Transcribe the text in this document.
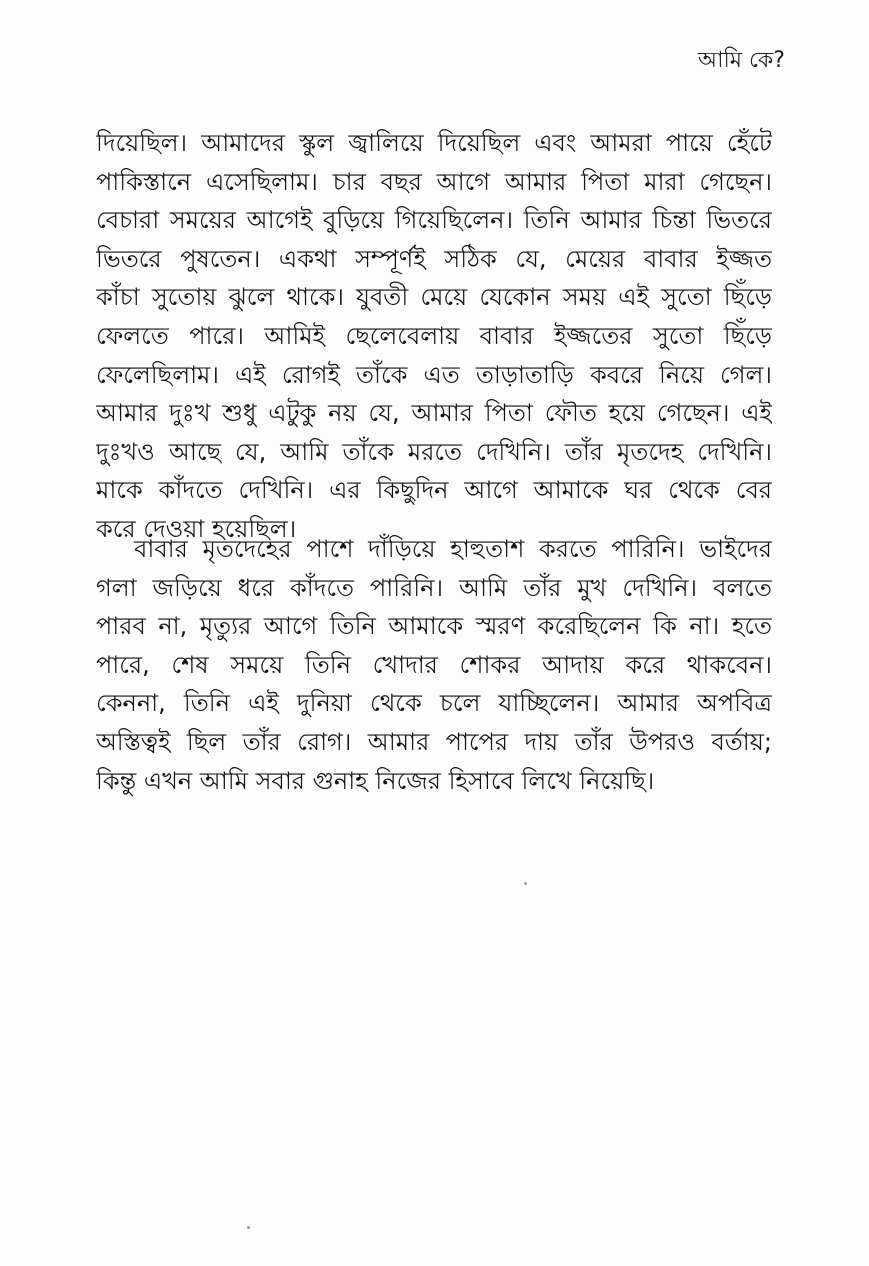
আমি কে?
দিয়েছিল। আমাদের স্কুল জ্বালিয়ে দিয়েছিল এবং আমরা পায়ে হেঁটে
পাকিস্তানে এসেছিলাম। চার বছর আগে আমার পিতা মারা গেছেন।
বেচারা সময়ের আগেই বুড়িয়ে গিয়েছিলেন। তিনি আমার চিন্তা ভিতরে
ভিতরে পুষতেন। একথা সম্পূর্ণই সঠিক যে, মেয়ের বাবার ইজ্জত
কাঁচা সুতোয় ঝুলে থাকে। যুবতী মেয়ে যেকোন সময় এই সুতো ছিঁড়ে
ফেলতে পারে। আমিই ছেলেবেলায় বাবার ইজ্জতের সুতো ছিঁড়ে
ফেলেছিলাম। এই রোগই তাঁকে এত তাড়াতাড়ি কবরে নিয়ে গেল।
আমার দুঃখ শুধু এটুকু নয় যে, আমার পিতা ফৌত হয়ে গেছেন। এই
দুঃখও আছে যে, আমি তাঁকে মরতে দেখিনি। তাঁর মৃতদেহ দেখিনি।
মাকে কাঁদতে দেখিনি। এর কিছুদিন আগে আমাকে ঘর থেকে বের
করে দেওয়া হয়েছিল।
বাবার মৃতদেহের পাশে দাঁড়িয়ে হাহুতাশ করতে পারিনি। ভাইদের
গলা জড়িয়ে ধরে কাঁদতে পারিনি। আমি তাঁর মুখ দেখিনি। বলতে
পারব না, মৃত্যুর আগে তিনি আমাকে স্মরণ করেছিলেন কি না। হতে
পারে, শেষ সময়ে তিনি খোদার শোকর আদায় করে থাকবেন।
কেননা, তিনি এই দুনিয়া থেকে চলে যাচ্ছিলেন। আমার অপবিত্র
অস্তিত্বই ছিল তাঁর রোগ। আমার পাপের দায় তাঁর উপরও বর্তায়;
কিন্তু এখন আমি সবার গুনাহ নিজের হিসাবে লিখে নিয়েছি।
